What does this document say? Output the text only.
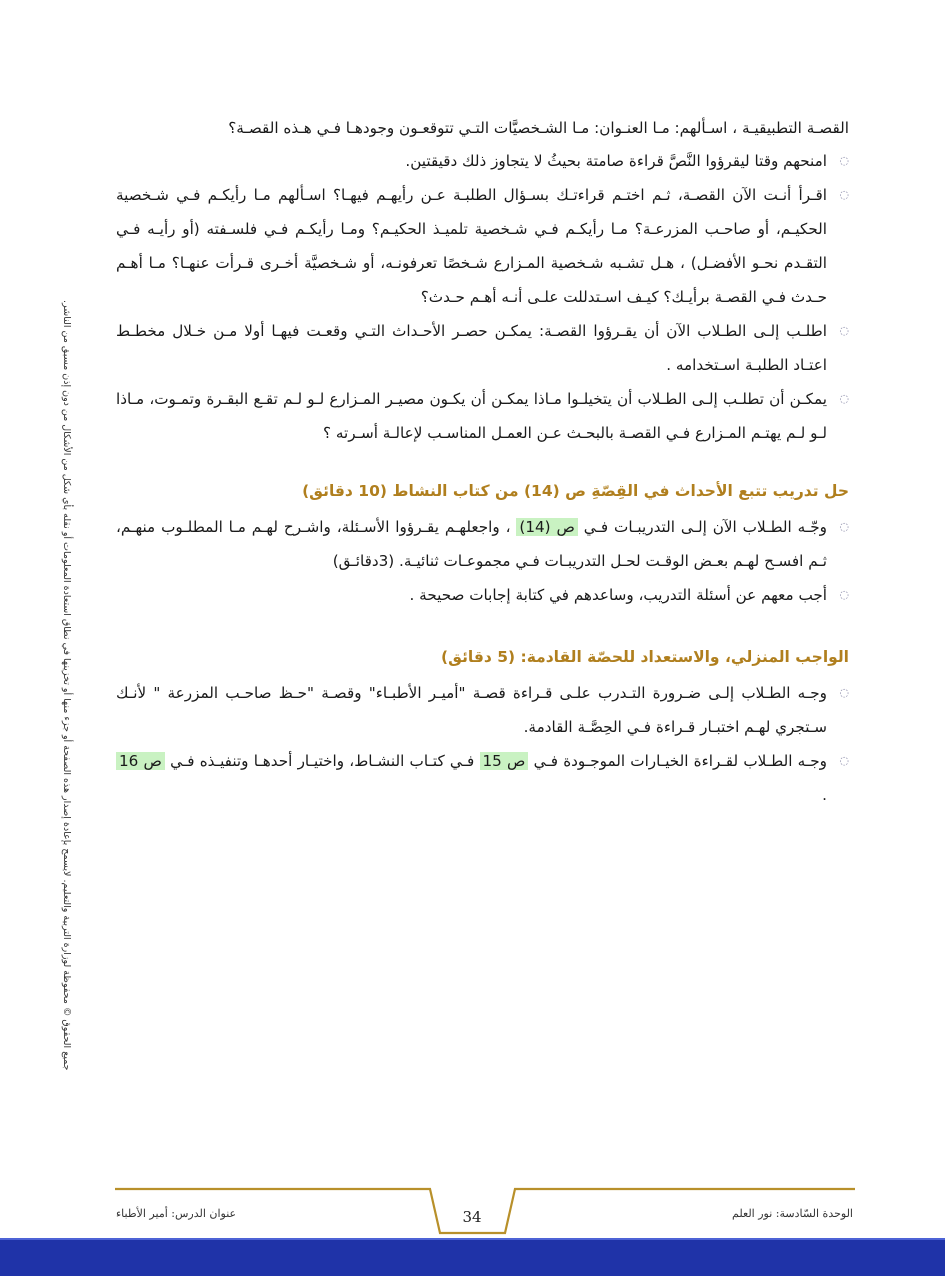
جميع الحقوق © محفوظة لوزارة التربية والتعليم. لايسمح بإعادة إصدار هذه الصفحة أو جزء منها أو تخزينها في نطاق استعادة المعلومات أو نقله بأي شكل من الأشكال من دون إذن مسبق من الناشر.

القصـة التطبيقيـة ، اسـألهم: مـا العنـوان: مـا الشـخصيَّات التـي تتوقعـون وجودهـا فـي هـذه القصـة؟

◌
امنحهم وقتا ليقرؤوا النَّصَّ قراءة صامتة بحيثُ لا يتجاوز ذلك دقيقتين.
◌
اقـرأ أنـت الآن القصـة، ثـم اختـم قراءتـك بسـؤال الطلبـة عـن رأيهـم فيهـا؟ اسـألهم مـا رأيكـم فـي شـخصية الحكيـم، أو صاحـب المزرعـة؟ مـا رأيكـم فـي شـخصية تلميـذ الحكيـم؟ ومـا رأيكـم فـي فلسـفته (أو رأيـه فـي التقـدم نحـو الأفضـل) ، هـل تشـبه شـخصية المـزارع شـخصًا تعرفونـه، أو شـخصيَّة أخـرى قـرأت عنهـا؟ مـا أهـم حـدث فـي القصـة برأيـك؟ كيـف اسـتدللت علـى أنـه أهـم حـدث؟
◌
اطلـب إلـى الطـلاب الآن أن يقـرؤوا القصـة: يمكـن حصـر الأحـداث التـي وقعـت فيهـا أولا مـن خـلال مخطـط اعتـاد الطلبـة اسـتخدامه .
◌
يمكـن أن تطلـب إلـى الطـلاب أن يتخيلـوا مـاذا يمكـن أن يكـون مصيـر المـزارع لـو لـم تقـع البقـرة وتمـوت، مـاذا لـو لـم يهتـم المـزارع فـي القصـة بالبحـث عـن العمـل المناسـب لإعالـة أسـرته ؟
حل تدريب تتبع الأحداث في القِصّةِ ص (14) من كتاب النشاط (10 دقائق)
◌
وجّـه الطـلاب الآن إلـى التدريبـات فـي ص (14) ، واجعلهـم يقـرؤوا الأسـئلة، واشـرح لهـم مـا المطلـوب منهـم، ثـم افسـح لهـم بعـض الوقـت لحـل التدريبـات فـي مجموعـات ثنائيـة. (3دقائـق)
◌
أجب معهم عن أسئلة التدريب، وساعدهم في كتابة إجابات صحيحة .
الواجب المنزلي، والاستعداد للحصّة القادمة: (5 دقائق)
◌
وجـه الطـلاب إلـى ضـرورة التـدرب علـى قـراءة قصـة "أميـر الأطبـاء" وقصـة "حـظ صاحـب المزرعة " لأنـك سـتجري لهـم اختبـار قـراءة فـي الحِصَّـة القادمة.
◌
وجـه الطـلاب لقـراءة الخيـارات الموجـودة فـي ص 15 فـي كتـاب النشـاط، واختيـار أحدهـا وتنفيـذه فـي ص 16 .
الوحدة السّادسة: نور العلم
34
عنوان الدرس: أمير الأطباء
